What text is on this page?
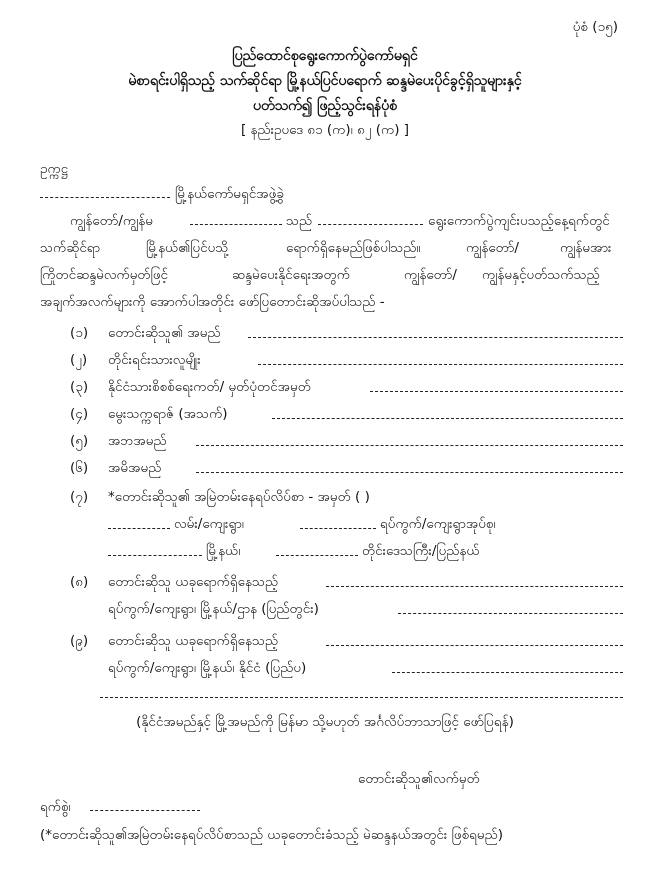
ပုံစံ (၁၅)
ပြည်ထောင်စုရွေးကောက်ပွဲကော်မရှင်
မဲစာရင်းပါရှိသည့် သက်ဆိုင်ရာ မြို့နယ်ပြင်ပရောက် ဆန္ဒမဲပေးပိုင်ခွင့်ရှိသူများနှင့်
ပတ်သက်၍ ဖြည့်သွင်းရန်ပုံစံ
[ နည်းဥပဒေ ၈၁ (က)၊ ၈၂ (က) ]
ဥက္ကဋ္ဌ
မြို့နယ်ကော်မရှင်အဖွဲ့ခွဲ
ကျွန်တော်/ကျွန်မ	သည်	ရွေးကောက်ပွဲကျင်းပသည့်နေ့ရက်တွင်
သက်ဆိုင်ရာ	မြို့နယ်၏ပြင်ပသို့	ရောက်ရှိနေမည်ဖြစ်ပါသည်။	ကျွန်တော်/	ကျွန်မအား
ကြိုတင်ဆန္ဒမဲလက်မှတ်ဖြင့်	ဆန္ဒမဲပေးနိုင်ရေးအတွက်	ကျွန်တော်/ ကျွန်မနှင့်ပတ်သက်သည့်
အချက်အလက်များကို အောက်ပါအတိုင်း ဖော်ပြတောင်းဆိုအပ်ပါသည် -
(၁) တောင်းဆိုသူ၏ အမည်
(၂) တိုင်းရင်းသားလူမျိုး
(၃) နိုင်ငံသားစိစစ်ရေးကတ်/ မှတ်ပုံတင်အမှတ်
(၄) မွေးသက္ကရာဇ် (အသက်)
(၅) အဘအမည်
(၆) အမိအမည်
(၇) *တောင်းဆိုသူ၏ အမြဲတမ်းနေရပ်လိပ်စာ - အမှတ် ( )
လမ်း/ကျေးရွာ၊	ရပ်ကွက်/ကျေးရွာအုပ်စု၊
မြို့နယ်၊	တိုင်းဒေသကြီး/ပြည်နယ်
(၈) တောင်းဆိုသူ ယခုရောက်ရှိနေသည့်
ရပ်ကွက်/ကျေးရွာ၊ မြို့နယ်/ဌာန (ပြည်တွင်း)
(၉) တောင်းဆိုသူ ယခုရောက်ရှိနေသည့်
ရပ်ကွက်/ကျေးရွာ၊ မြို့နယ်၊ နိုင်ငံ (ပြည်ပ)
(နိုင်ငံအမည်နှင့် မြို့အမည်ကို မြန်မာ သို့မဟုတ် အင်္ဂလိပ်ဘာသာဖြင့် ဖော်ပြရန်)
တောင်းဆိုသူ၏လက်မှတ်
ရက်စွဲ၊
(*တောင်းဆိုသူ၏အမြဲတမ်းနေရပ်လိပ်စာသည် ယခုတောင်းခံသည့် မဲဆန္ဒနယ်အတွင်း ဖြစ်ရမည်)
